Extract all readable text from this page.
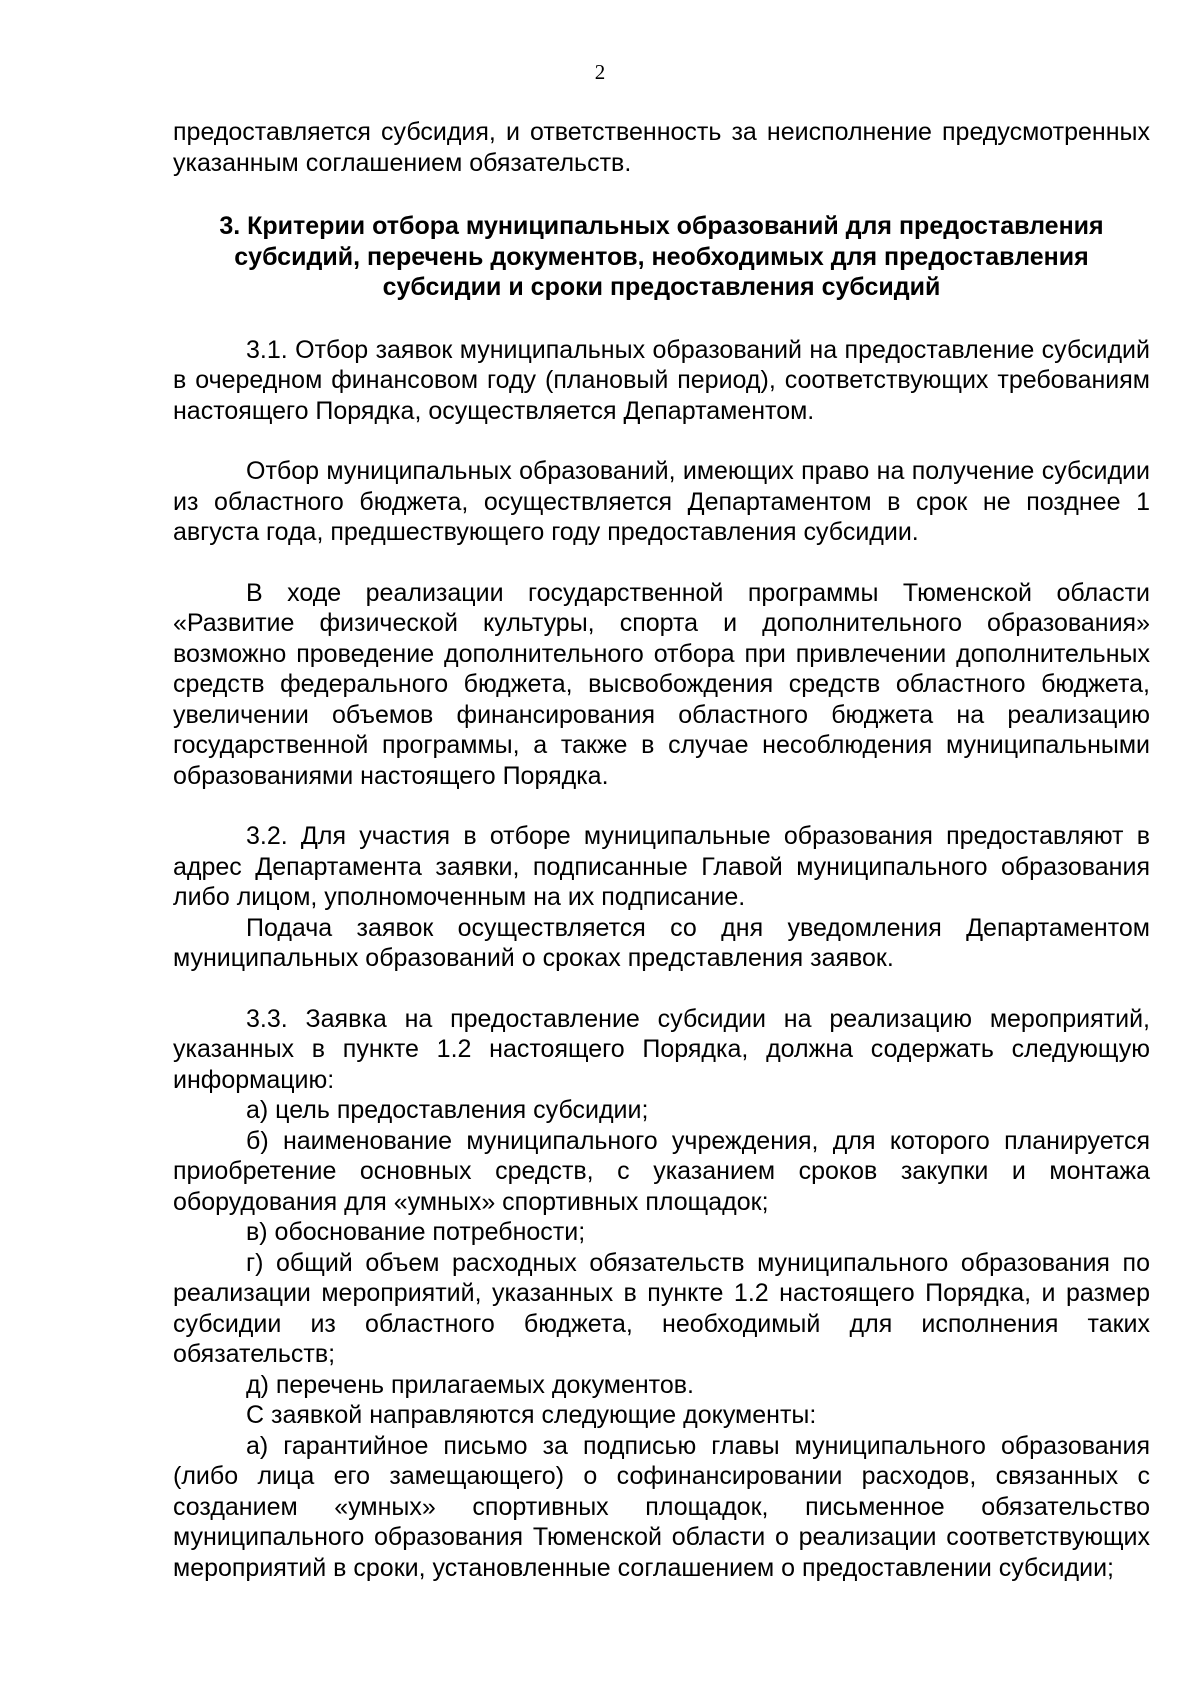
2

предоставляется субсидия, и ответственность за неисполнение предусмотренных указанным соглашением обязательств.

3. Критерии отбора муниципальных образований для предоставления
субсидий, перечень документов, необходимых для предоставления
субсидии и сроки предоставления субсидий

3.1. Отбор заявок муниципальных образований на предоставление субсидий в очередном финансовом году (плановый период), соответствующих требованиям настоящего Порядка, осуществляется Департаментом.

Отбор муниципальных образований, имеющих право на получение субсидии из областного бюджета, осуществляется Департаментом в срок не позднее 1 августа года, предшествующего году предоставления субсидии.

В ходе реализации государственной программы Тюменской области «Развитие физической культуры, спорта и дополнительного образования» возможно проведение дополнительного отбора при привлечении дополнительных средств федерального бюджета, высвобождения средств областного бюджета, увеличении объемов финансирования областного бюджета на реализацию государственной программы, а также в случае несоблюдения муниципальными образованиями настоящего Порядка.

3.2. Для участия в отборе муниципальные образования предоставляют в адрес Департамента заявки, подписанные Главой муниципального образования либо лицом, уполномоченным на их подписание.

Подача заявок осуществляется со дня уведомления Департаментом муниципальных образований о сроках представления заявок.

3.3. Заявка на предоставление субсидии на реализацию мероприятий, указанных в пункте 1.2 настоящего Порядка, должна содержать следующую информацию:

а) цель предоставления субсидии;

б) наименование муниципального учреждения, для которого планируется приобретение основных средств, с указанием сроков закупки и монтажа оборудования для «умных» спортивных площадок;

в) обоснование потребности;

г) общий объем расходных обязательств муниципального образования по реализации мероприятий, указанных в пункте 1.2 настоящего Порядка, и размер субсидии из областного бюджета, необходимый для исполнения таких обязательств;

д) перечень прилагаемых документов.

С заявкой направляются следующие документы:

а) гарантийное письмо за подписью главы муниципального образования (либо лица его замещающего) о софинансировании расходов, связанных с созданием «умных» спортивных площадок, письменное обязательство муниципального образования Тюменской области о реализации соответствующих мероприятий в сроки, установленные соглашением о предоставлении субсидии;
